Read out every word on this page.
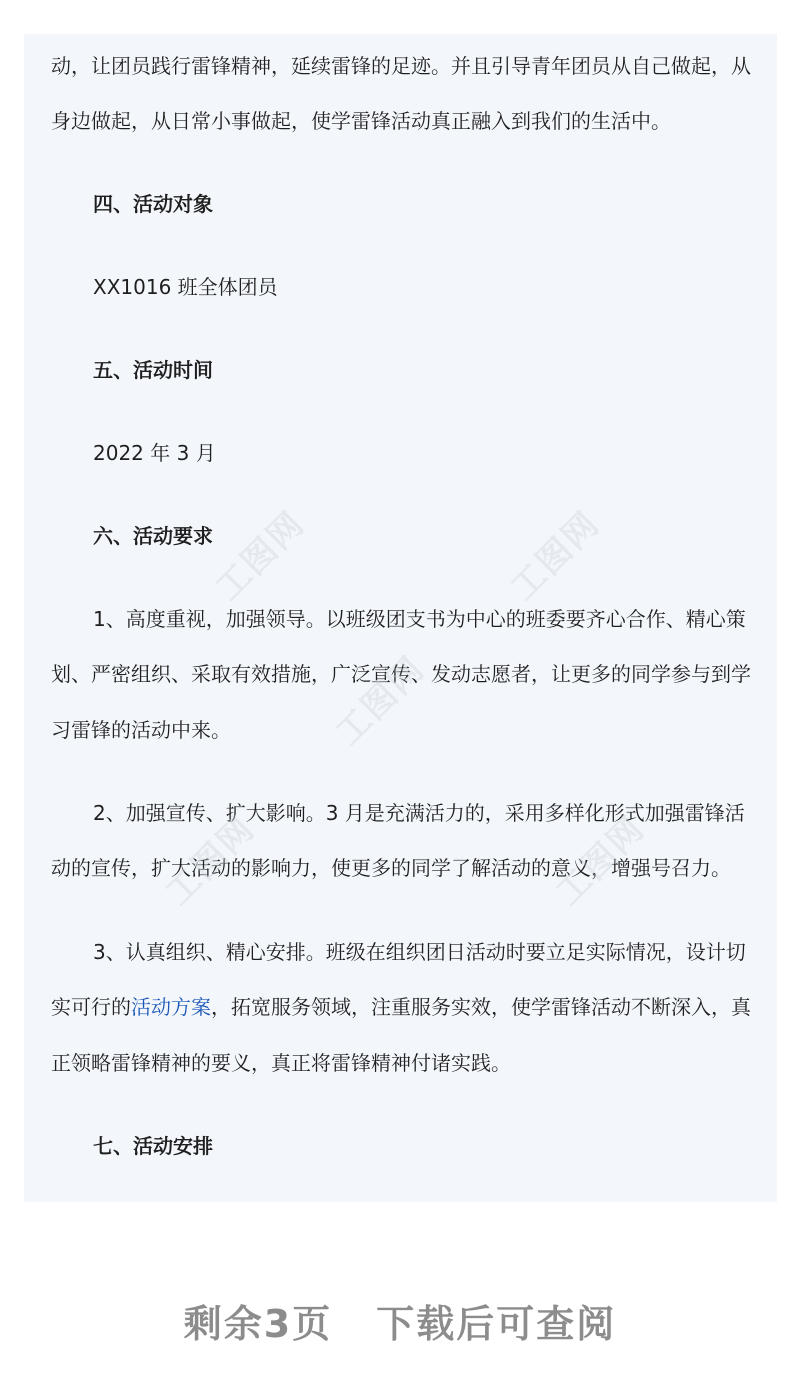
动，让团员践行雷锋精神，延续雷锋的足迹。并且引导青年团员从自己做起，从
身边做起，从日常小事做起，使学雷锋活动真正融入到我们的生活中。
四、活动对象
XX1016 班全体团员
五、活动时间
2022 年 3 月
六、活动要求
1、高度重视，加强领导。以班级团支书为中心的班委要齐心合作、精心策
划、严密组织、采取有效措施，广泛宣传、发动志愿者，让更多的同学参与到学
习雷锋的活动中来。
2、加强宣传、扩大影响。3 月是充满活力的，采用多样化形式加强雷锋活
动的宣传，扩大活动的影响力，使更多的同学了解活动的意义，增强号召力。
3、认真组织、精心安排。班级在组织团日活动时要立足实际情况，设计切
实可行的活动方案，拓宽服务领域，注重服务实效，使学雷锋活动不断深入，真
正领略雷锋精神的要义，真正将雷锋精神付诸实践。
七、活动安排
工图网	工图网
工图网
工图网	工图网
剩余3页 下载后可查阅
